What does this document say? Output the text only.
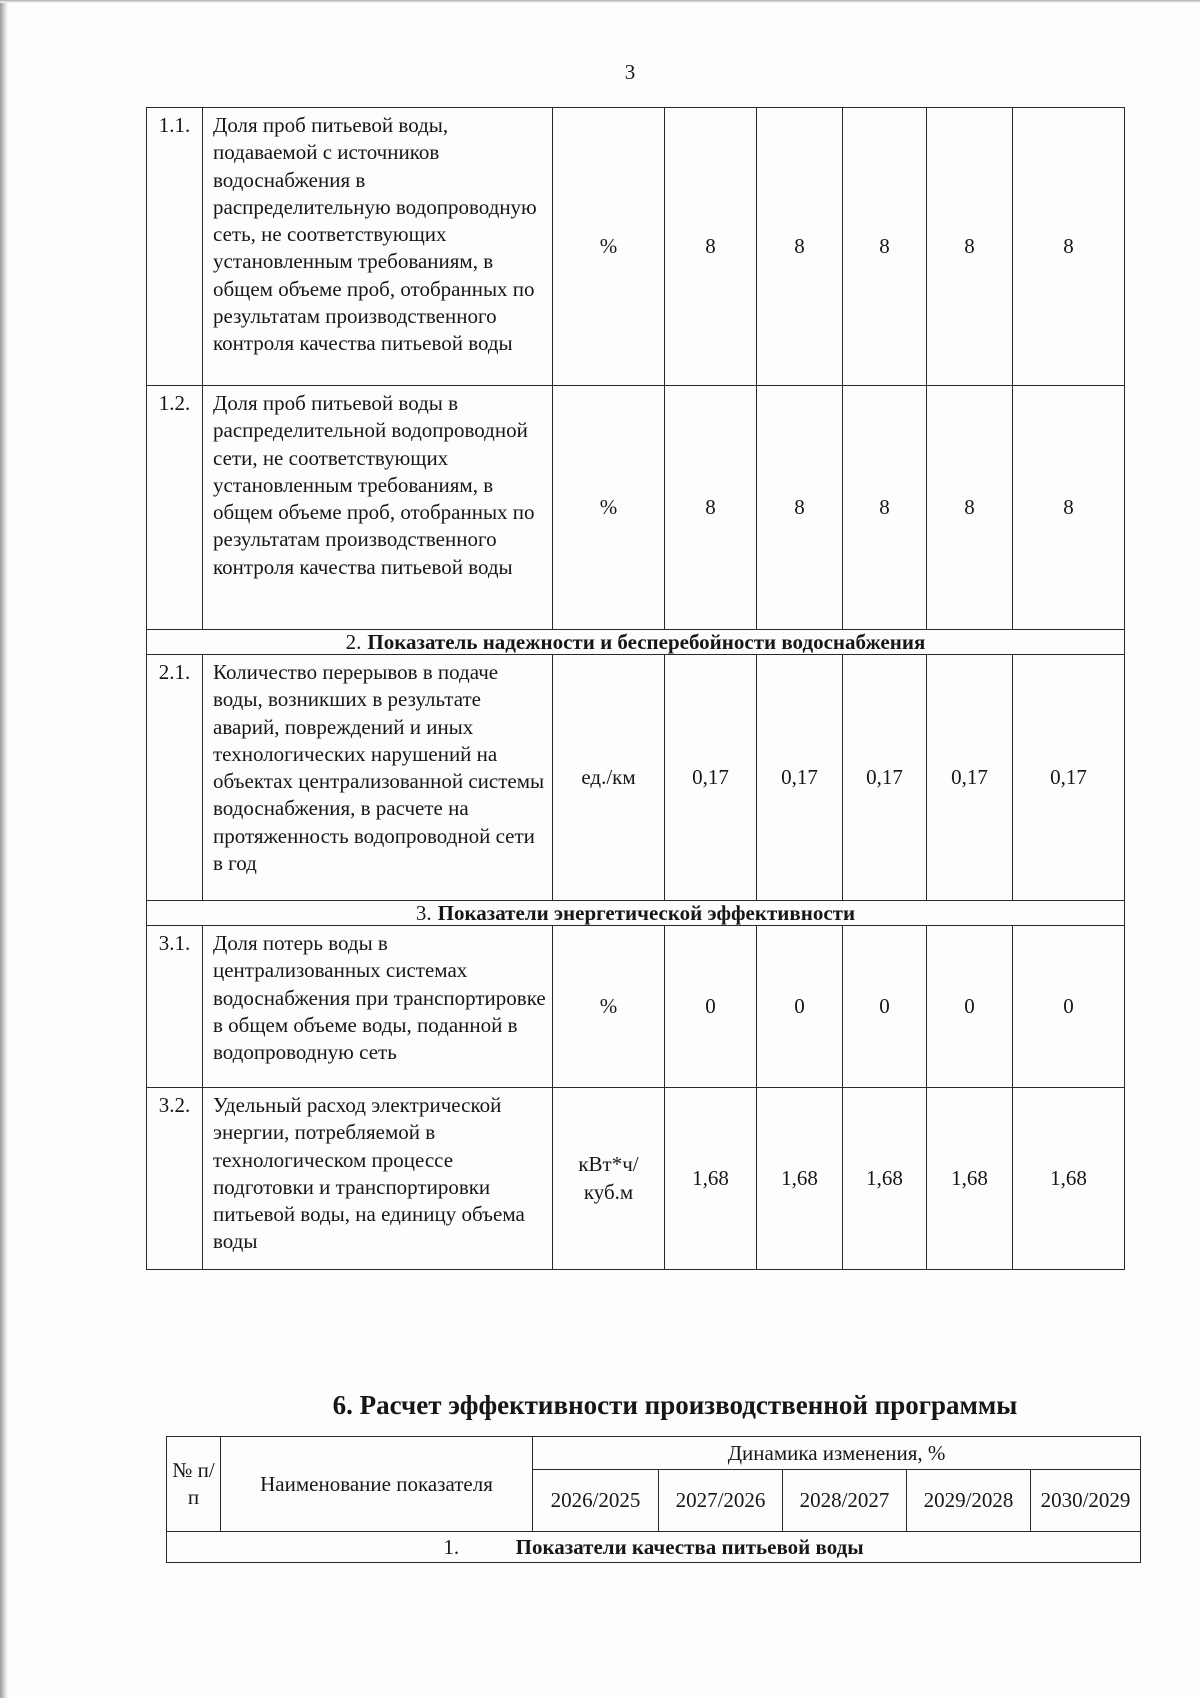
3
1.1.	Доля проб питьевой воды, подаваемой с источников водоснабжения в распределительную водопроводную сеть, не соответствующих установленным требованиям, в общем объеме проб, отобранных по результатам производственного контроля качества питьевой воды	%	8	8	8	8	8
1.2.	Доля проб питьевой воды в распределительной водопроводной сети, не соответствующих установленным требованиям, в общем объеме проб, отобранных по результатам производственного контроля качества питьевой воды	%	8	8	8	8	8
2. Показатель надежности и бесперебойности водоснабжения							
2.1.	Количество перерывов в подаче воды, возникших в результате аварий, повреждений и иных технологических нарушений на объектах централизованной системы водоснабжения, в расчете на протяженность водопроводной сети в год	ед./км	0,17	0,17	0,17	0,17	0,17
3. Показатели энергетической эффективности							
3.1.	Доля потерь воды в централизованных системах водоснабжения при транспортировке в общем объеме воды, поданной в водопроводную сеть	%	0	0	0	0	0
3.2.	Удельный расход электрической энергии, потребляемой в технологическом процессе подготовки и транспортировки питьевой воды, на единицу объема воды	кВт*ч/ куб.м	1,68	1,68	1,68	1,68	1,68
6. Расчет эффективности производственной программы
№ п/п	Наименование показателя	Динамика изменения, %				
		2026/2025	2027/2026	2028/2027	2029/2028	2030/2029
1. Показатели качества питьевой воды						
